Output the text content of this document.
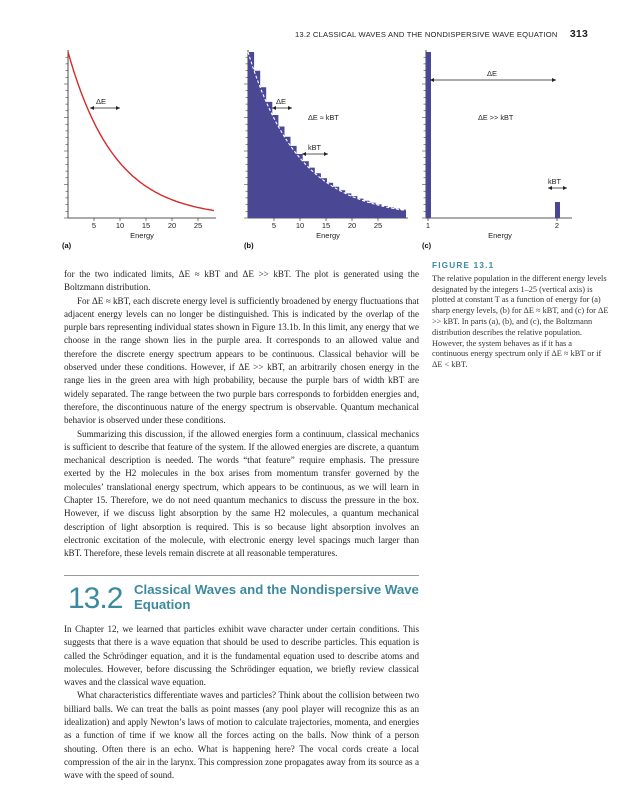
13.2 CLASSICAL WAVES AND THE NONDISPERSIVE WAVE EQUATION 313
5	10 15 20 25
ΔE
Energy
5	10 15 20 25
ΔE
ΔE ≈ kBT
kBT
Energy
ΔE
ΔE >> kBT
kBT
1	2
Energy
(a)	(b)	(c)
FIGURE 13.1

The relative population in the different energy levels designated by the integers 1–25 (vertical axis) is plotted at constant T as a function of energy for (a) sharp energy levels, (b) for ΔE ≈ kBT, and (c) for ΔE >> kBT. In parts (a), (b), and (c), the Boltzmann distribution describes the relative population. However, the system behaves as if it has a continuous energy spectrum only if ΔE ≈ kBT or if ΔE < kBT.

for the two indicated limits, ΔE ≈ kBT and ΔE >> kBT. The plot is generated using the Boltzmann distribution.

For ΔE ≈ kBT, each discrete energy level is sufficiently broadened by energy fluctuations that adjacent energy levels can no longer be distinguished. This is indicated by the overlap of the purple bars representing individual states shown in Figure 13.1b. In this limit, any energy that we choose in the range shown lies in the purple area. It corresponds to an allowed value and therefore the discrete energy spectrum appears to be continuous. Classical behavior will be observed under these conditions. However, if ΔE >> kBT, an arbitrarily chosen energy in the range lies in the green area with high probability, because the purple bars of width kBT are widely separated. The range between the two purple bars corresponds to forbidden energies and, therefore, the discontinuous nature of the energy spectrum is observable. Quantum mechanical behavior is observed under these conditions.

Summarizing this discussion, if the allowed energies form a continuum, classical mechanics is sufficient to describe that feature of the system. If the allowed energies are discrete, a quantum mechanical description is needed. The words “that feature” require emphasis. The pressure exerted by the H2 molecules in the box arises from momentum transfer governed by the molecules’ translational energy spectrum, which appears to be continuous, as we will learn in Chapter 15. Therefore, we do not need quantum mechanics to discuss the pressure in the box. However, if we discuss light absorption by the same H2 molecules, a quantum mechanical description of light absorption is required. This is so because light absorption involves an electronic excitation of the molecule, with electronic energy level spacings much larger than kBT. Therefore, these levels remain discrete at all reasonable temperatures.

13.2 Classical Waves and the Nondispersive Wave Equation

In Chapter 12, we learned that particles exhibit wave character under certain conditions. This suggests that there is a wave equation that should be used to describe particles. This equation is called the Schrödinger equation, and it is the fundamental equation used to describe atoms and molecules. However, before discussing the Schrödinger equation, we briefly review classical waves and the classical wave equation.

What characteristics differentiate waves and particles? Think about the collision between two billiard balls. We can treat the balls as point masses (any pool player will recognize this as an idealization) and apply Newton’s laws of motion to calculate trajectories, momenta, and energies as a function of time if we know all the forces acting on the balls. Now think of a person shouting. Often there is an echo. What is happening here? The vocal cords create a local compression of the air in the larynx. This compression zone propagates away from its source as a wave with the speed of sound.
